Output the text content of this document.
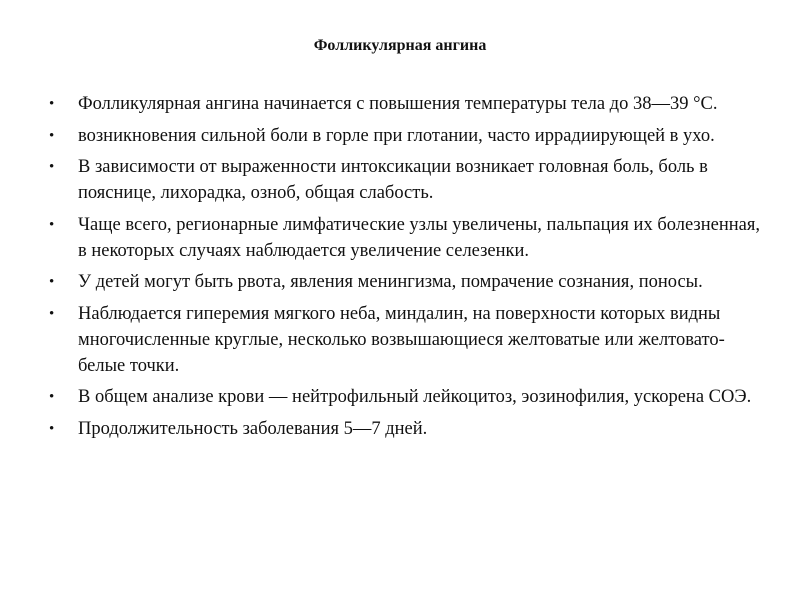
Фолликулярная ангина
•	Фолликулярная ангина начинается с повышения температуры тела до 38—39 °С.
•	возникновения сильной боли в горле при глотании, часто иррадиирующей в ухо.
•	В зависимости от выраженности интоксикации возникает головная боль, боль в пояснице, лихорадка, озноб, общая слабость.
•	Чаще всего, регионарные лимфатические узлы увеличены, пальпация их болезненная, в некоторых случаях наблюдается увеличение селезенки.
•	У детей могут быть рвота, явления менингизма, помрачение сознания, поносы.
•	Наблюдается гиперемия мягкого неба, миндалин, на поверхности которых видны многочисленные круглые, несколько возвышающиеся желтоватые или желтовато-белые точки.
•	В общем анализе крови — нейтрофильный лейкоцитоз, эозинофилия, ускорена СОЭ.
•	Продолжительность заболевания 5—7 дней.
